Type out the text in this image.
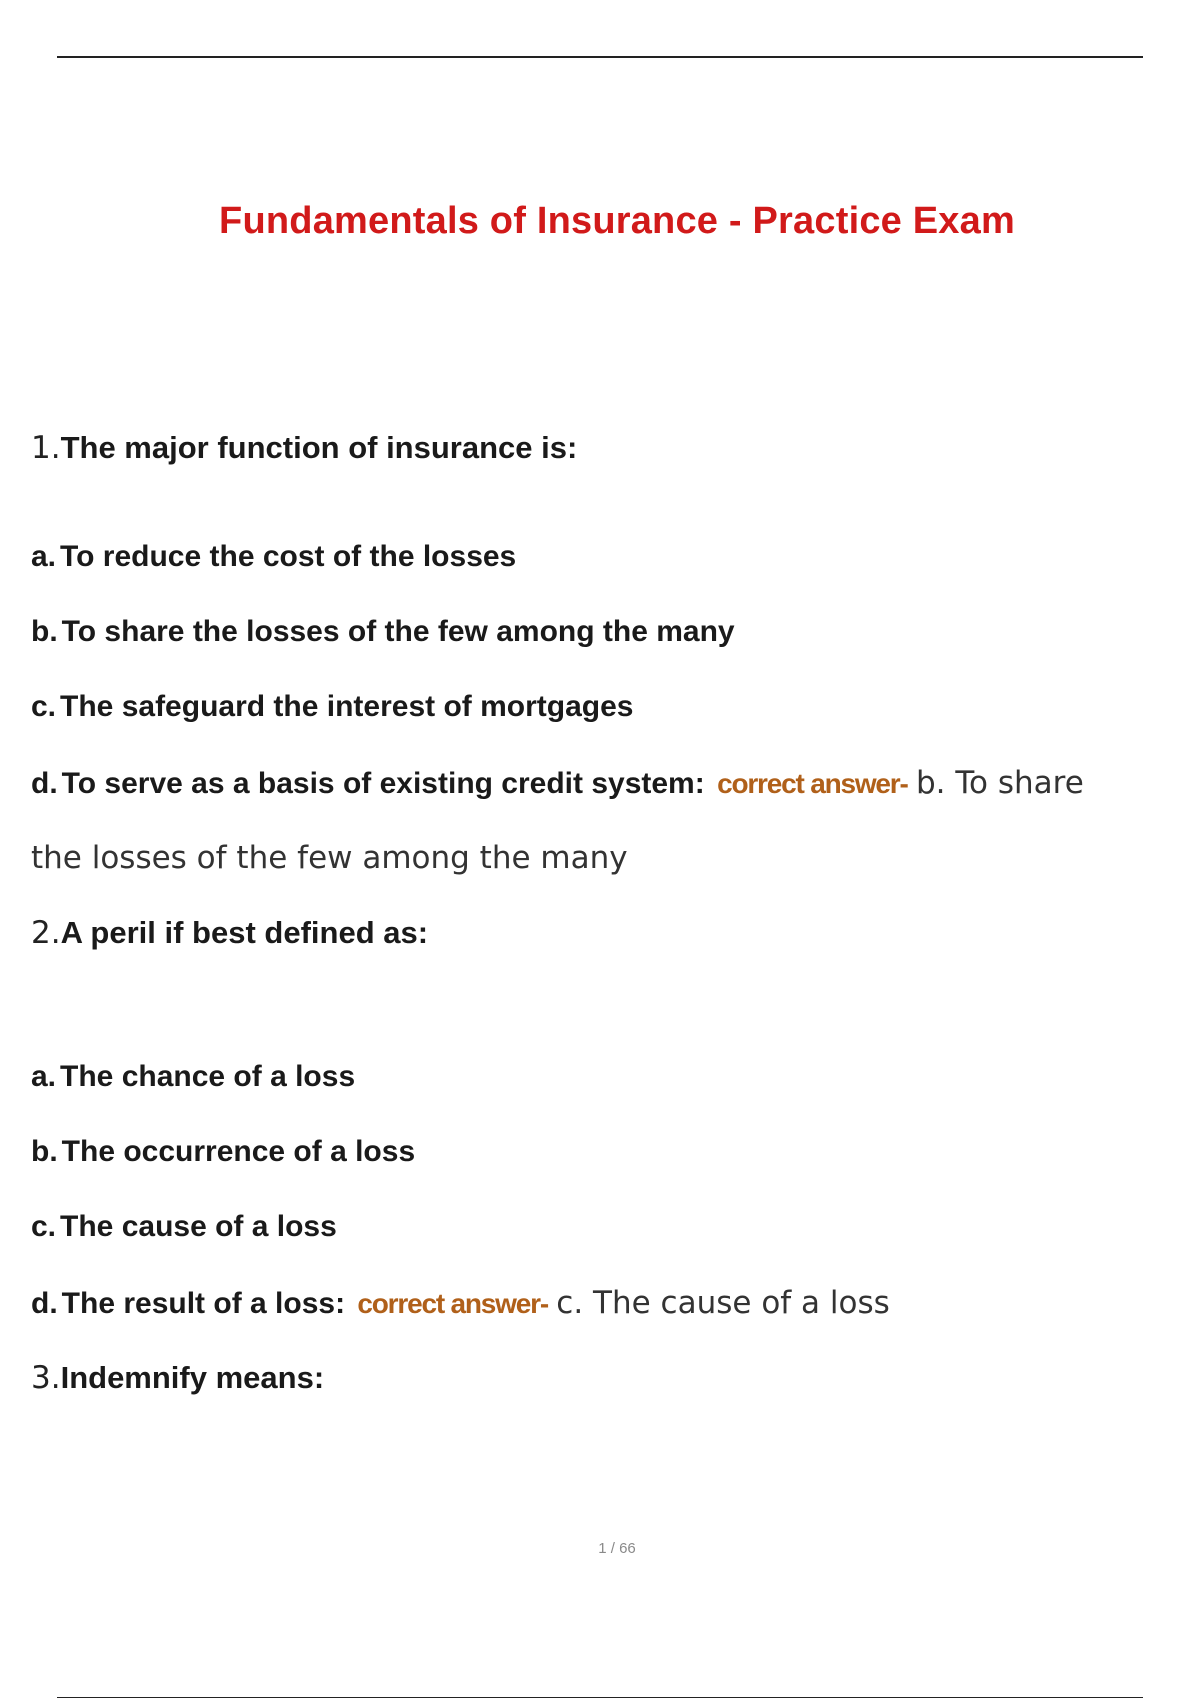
Fundamentals of Insurance - Practice Exam
1.The major function of insurance is:
a. To reduce the cost of the losses
b. To share the losses of the few among the many
c. The safeguard the interest of mortgages
d. To serve as a basis of existing credit system: correct answer- b. To share
the losses of the few among the many
2.A peril if best defined as:
a. The chance of a loss
b. The occurrence of a loss
c. The cause of a loss
d. The result of a loss: correct answer- c. The cause of a loss
3.Indemnify means:
1 / 66
